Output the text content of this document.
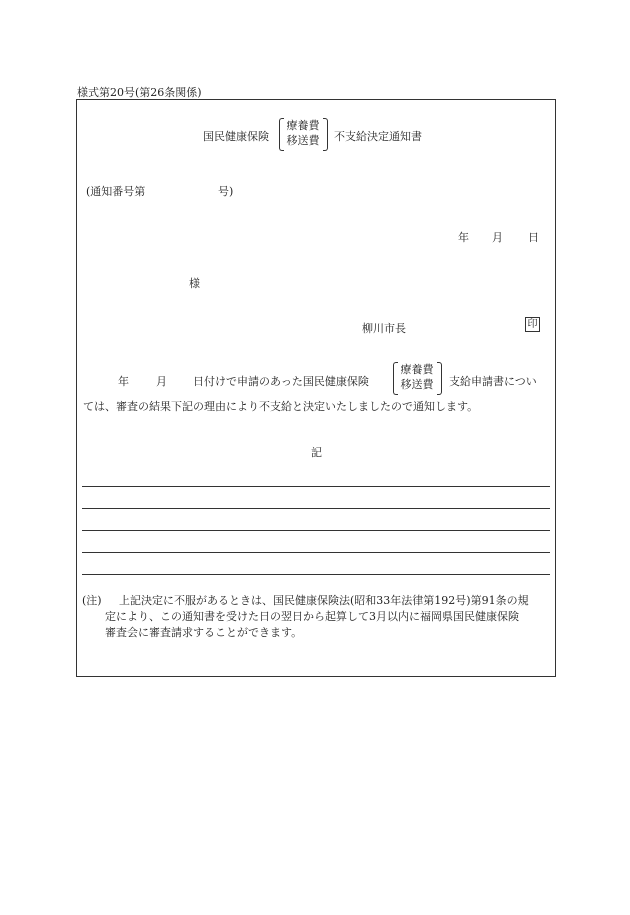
様式第20号(第26条関係)
国民健康保険
療養費
移送費 不支給決定通知書
(通知番号第	号)
年 月 日
様
柳川市長	印
年 月 日付けで申請のあった国民健康保険
療養費
移送費	支給申請書につい
ては、審査の結果下記の理由により不支給と決定いたしましたので通知します。
記
(注) 上記決定に不服があるときは、国民健康保険法(昭和33年法律第192号)第91条の規
定により、この通知書を受けた日の翌日から起算して3月以内に福岡県国民健康保険
審査会に審査請求することができます。
